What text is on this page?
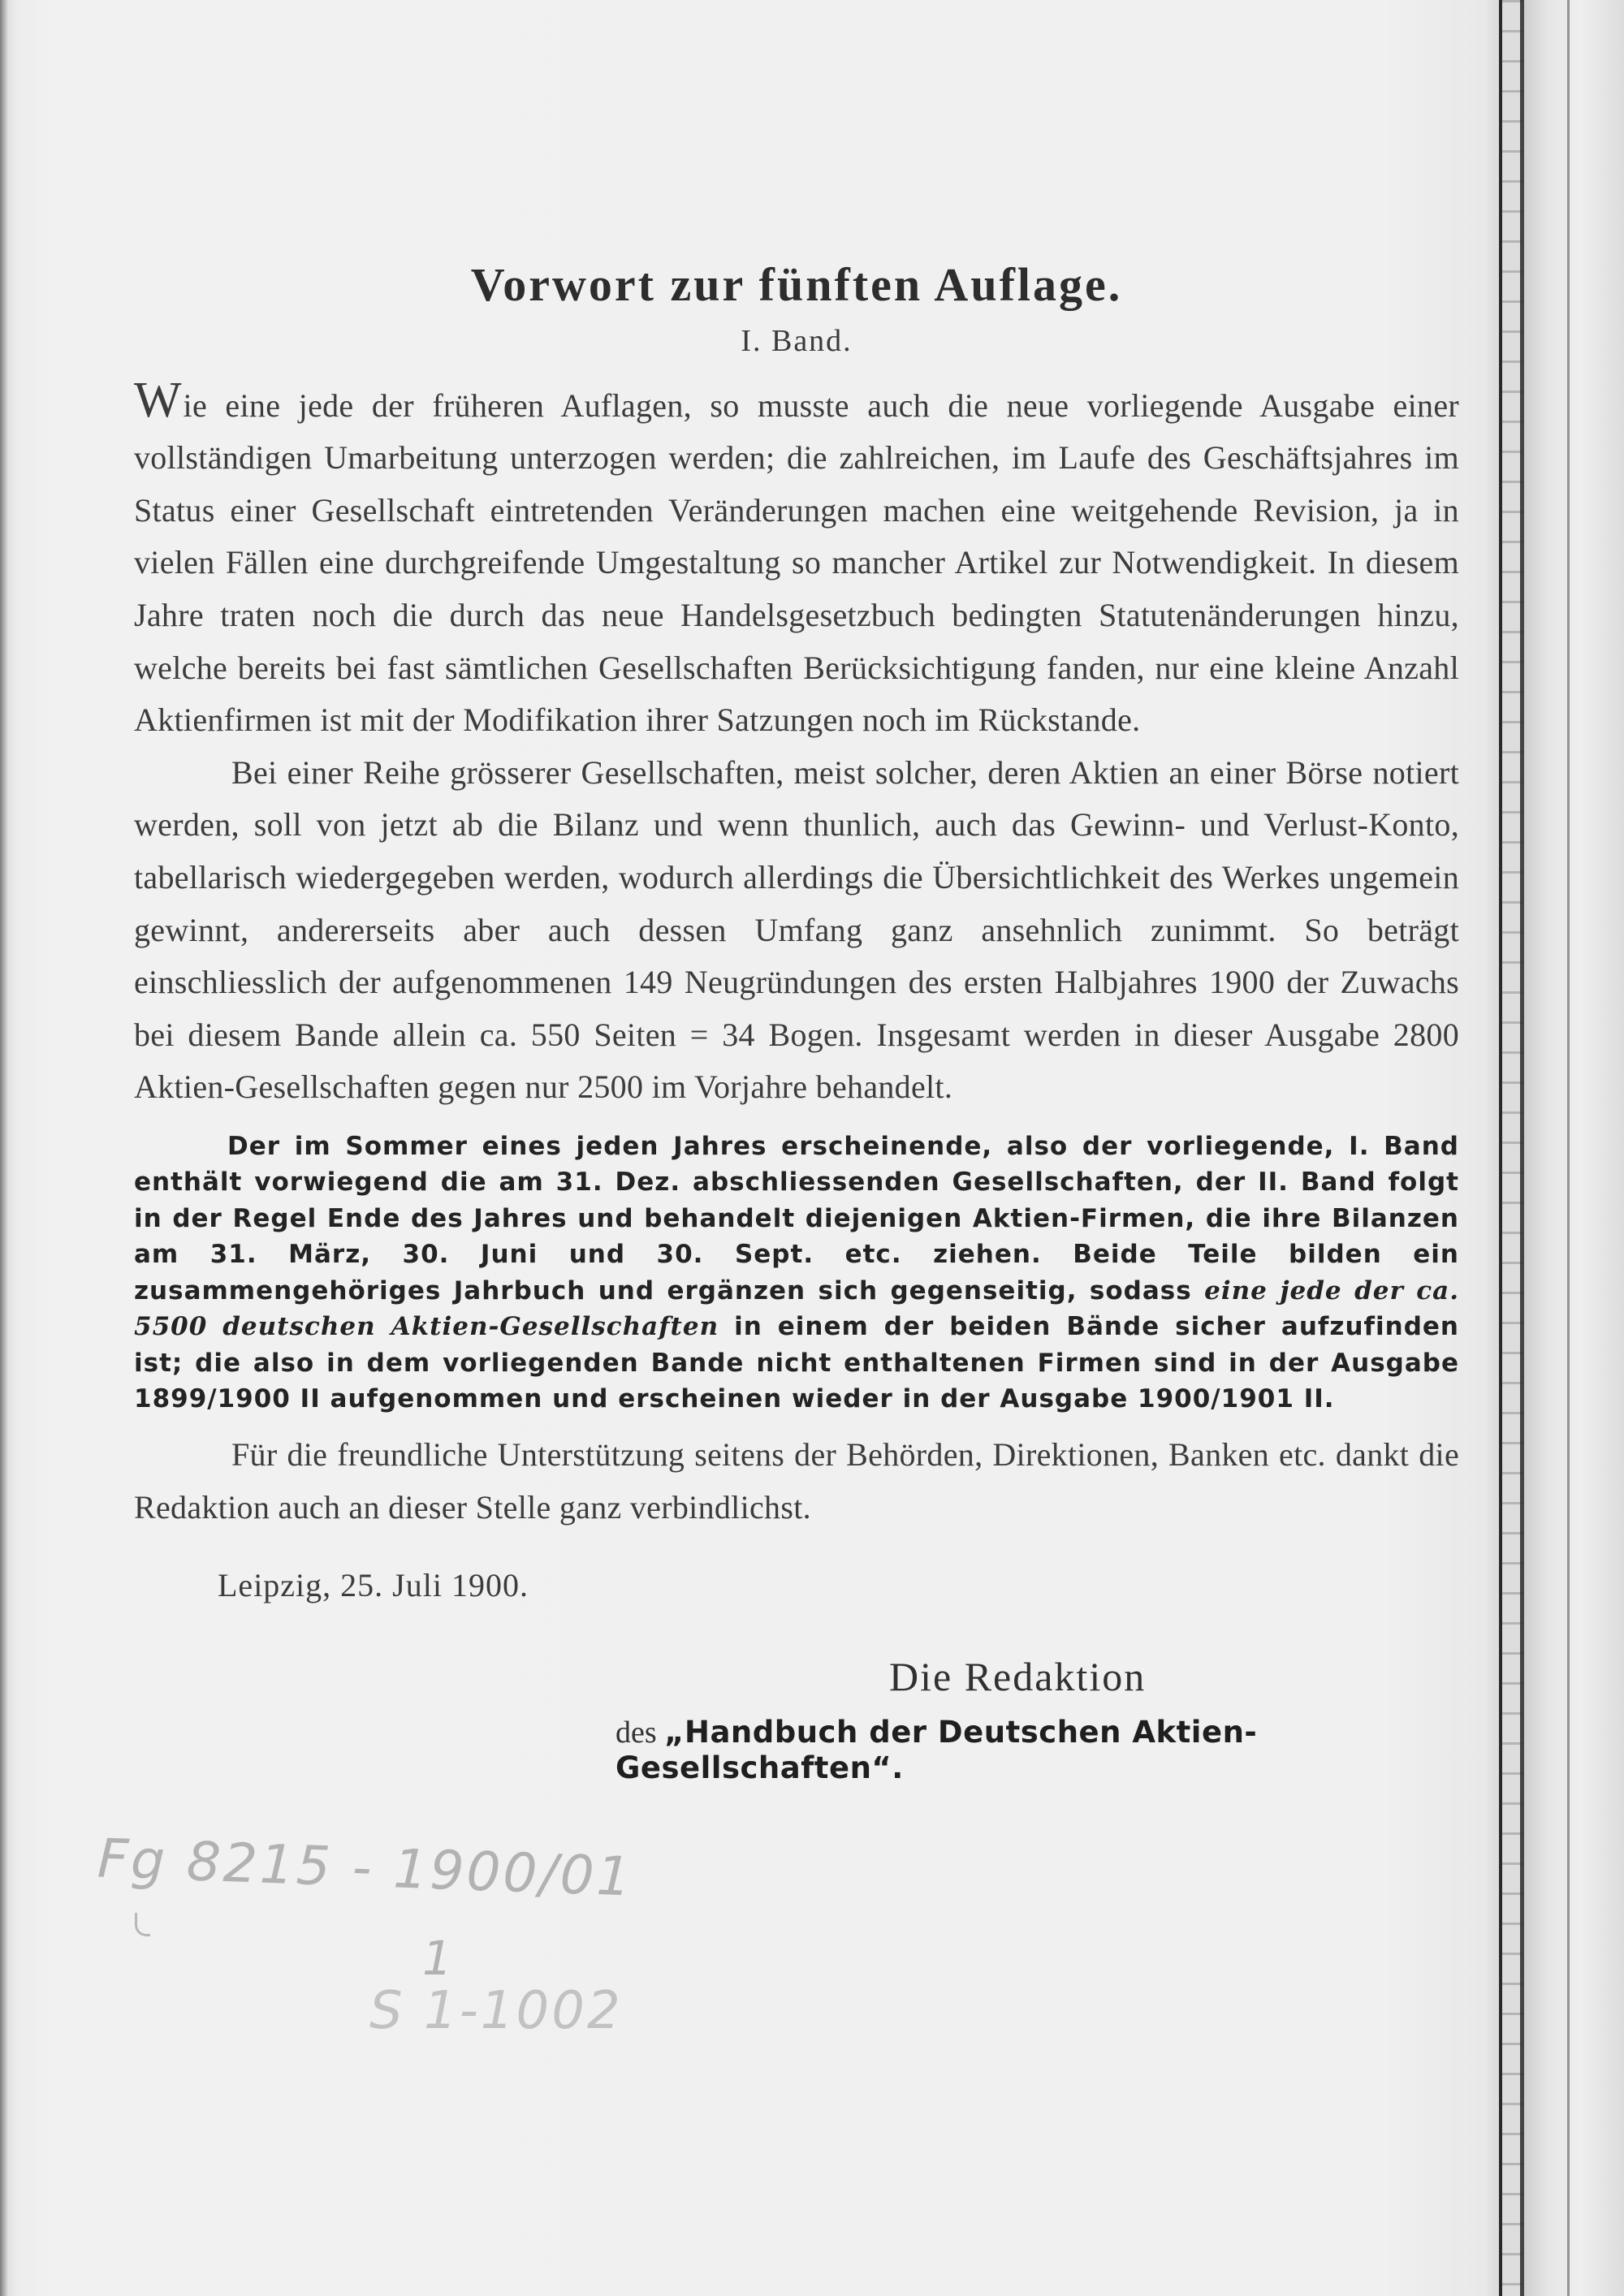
Vorwort zur fünften Auflage.
I. Band.

Wie eine jede der früheren Auflagen, so musste auch die neue vorliegende Ausgabe einer vollständigen Umarbeitung unterzogen werden; die zahlreichen, im Laufe des Geschäftsjahres im Status einer Gesellschaft eintretenden Veränderungen machen eine weitgehende Revision, ja in vielen Fällen eine durchgreifende Umgestaltung so mancher Artikel zur Notwendigkeit. In diesem Jahre traten noch die durch das neue Handelsgesetzbuch bedingten Statutenänderungen hinzu, welche bereits bei fast sämtlichen Gesellschaften Berücksichtigung fanden, nur eine kleine Anzahl Aktienfirmen ist mit der Modifikation ihrer Satzungen noch im Rückstande.

Bei einer Reihe grösserer Gesellschaften, meist solcher, deren Aktien an einer Börse notiert werden, soll von jetzt ab die Bilanz und wenn thunlich, auch das Gewinn- und Verlust-Konto, tabellarisch wiedergegeben werden, wodurch allerdings die Übersichtlichkeit des Werkes ungemein gewinnt, andererseits aber auch dessen Umfang ganz ansehnlich zunimmt. So beträgt einschliesslich der aufgenommenen 149 Neugründungen des ersten Halbjahres 1900 der Zuwachs bei diesem Bande allein ca. 550 Seiten = 34 Bogen. Insgesamt werden in dieser Ausgabe 2800 Aktien-Gesellschaften gegen nur 2500 im Vorjahre behandelt.

Der im Sommer eines jeden Jahres erscheinende, also der vorliegende, I. Band enthält vorwiegend die am 31. Dez. abschliessenden Gesellschaften, der II. Band folgt in der Regel Ende des Jahres und behandelt diejenigen Aktien-Firmen, die ihre Bilanzen am 31. März, 30. Juni und 30. Sept. etc. ziehen. Beide Teile bilden ein zusammengehöriges Jahrbuch und ergänzen sich gegenseitig, sodass eine jede der ca. 5500 deutschen Aktien-Gesellschaften in einem der beiden Bände sicher aufzufinden ist; die also in dem vorliegenden Bande nicht enthaltenen Firmen sind in der Ausgabe 1899/1900 II aufgenommen und erscheinen wieder in der Ausgabe 1900/1901 II.

Für die freundliche Unterstützung seitens der Behörden, Direktionen, Banken etc. dankt die Redaktion auch an dieser Stelle ganz verbindlichst.

Leipzig, 25. Juli 1900.
Die Redaktion
des „Handbuch der Deutschen Aktien-Gesellschaften“.
Fg 8215 - 1900/01
1
S 1-1002
